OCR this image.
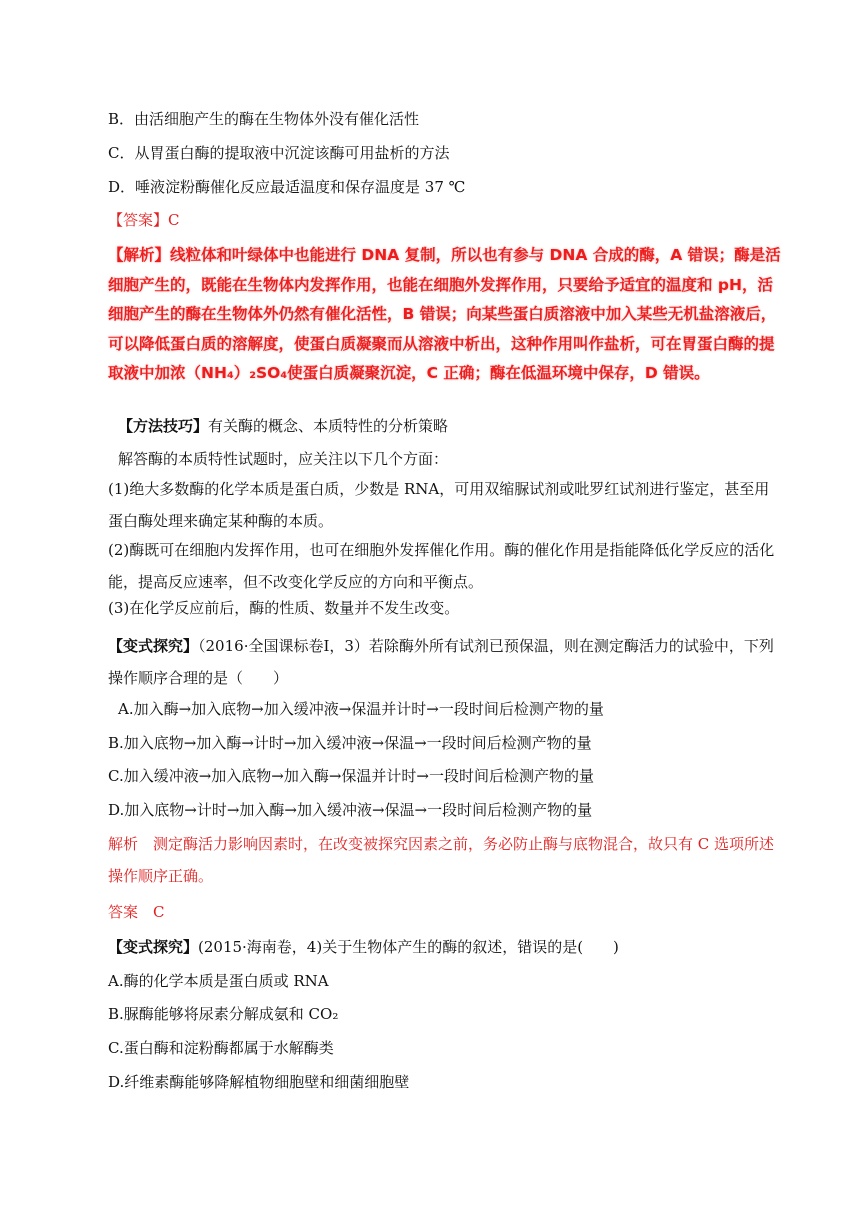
B．由活细胞产生的酶在生物体外没有催化活性
C．从胃蛋白酶的提取液中沉淀该酶可用盐析的方法
D．唾液淀粉酶催化反应最适温度和保存温度是 37 ℃
【答案】C
【解析】线粒体和叶绿体中也能进行 DNA 复制，所以也有参与 DNA 合成的酶，A 错误；酶是活细胞产生的，既能在生物体内发挥作用，也能在细胞外发挥作用，只要给予适宜的温度和 pH，活细胞产生的酶在生物体外仍然有催化活性，B 错误；向某些蛋白质溶液中加入某些无机盐溶液后，可以降低蛋白质的溶解度，使蛋白质凝聚而从溶液中析出，这种作用叫作盐析，可在胃蛋白酶的提取液中加浓（NH₄）₂SO₄使蛋白质凝聚沉淀，C 正确；酶在低温环境中保存，D 错误。
【方法技巧】有关酶的概念、本质特性的分析策略
解答酶的本质特性试题时，应关注以下几个方面：
(1)绝大多数酶的化学本质是蛋白质，少数是 RNA，可用双缩脲试剂或吡罗红试剂进行鉴定，甚至用蛋白酶处理来确定某种酶的本质。
(2)酶既可在细胞内发挥作用，也可在细胞外发挥催化作用。酶的催化作用是指能降低化学反应的活化能，提高反应速率，但不改变化学反应的方向和平衡点。
(3)在化学反应前后，酶的性质、数量并不发生改变。
【变式探究】（2016·全国课标卷Ⅰ，3）若除酶外所有试剂已预保温，则在测定酶活力的试验中，下列操作顺序合理的是（　　）
A.加入酶→加入底物→加入缓冲液→保温并计时→一段时间后检测产物的量
B.加入底物→加入酶→计时→加入缓冲液→保温→一段时间后检测产物的量
C.加入缓冲液→加入底物→加入酶→保温并计时→一段时间后检测产物的量
D.加入底物→计时→加入酶→加入缓冲液→保温→一段时间后检测产物的量
解析　测定酶活力影响因素时，在改变被探究因素之前，务必防止酶与底物混合，故只有 C 选项所述操作顺序正确。
答案　C
【变式探究】(2015·海南卷，4)关于生物体产生的酶的叙述，错误的是(　　)
A.酶的化学本质是蛋白质或 RNA
B.脲酶能够将尿素分解成氨和 CO₂
C.蛋白酶和淀粉酶都属于水解酶类
D.纤维素酶能够降解植物细胞壁和细菌细胞壁
